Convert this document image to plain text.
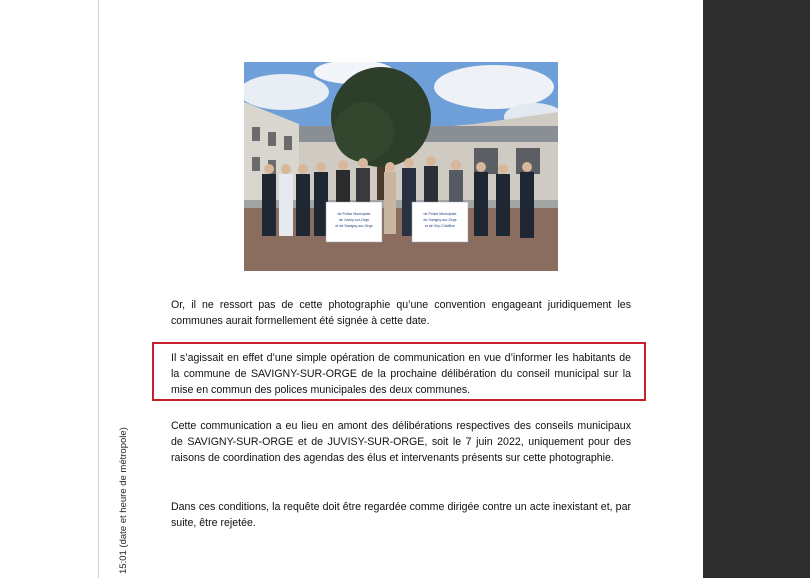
de Police Municipale
de Juvisy-sur-Orge
et de Savigny-sur-Orge
de Police Municipale
de Savigny-sur-Orge
et de Viry-Châtillon

Or, il ne ressort pas de cette photographie qu’une convention engageant juridiquement les communes aurait formellement été signée à cette date.

Il s’agissait en effet d’une simple opération de communication en vue d’informer les habitants de la commune de SAVIGNY-SUR-ORGE de la prochaine délibération du conseil municipal sur la mise en commun des polices municipales des deux communes.

Cette communication a eu lieu en amont des délibérations respectives des conseils municipaux de SAVIGNY-SUR-ORGE et de JUVISY-SUR-ORGE, soit le 7 juin 2022, uniquement pour des raisons de coordination des agendas des élus et intervenants présents sur cette photographie.

Dans ces conditions, la requête doit être regardée comme dirigée contre un acte inexistant et, par suite, être rejetée.

15:01 (date et heure de métropole)
